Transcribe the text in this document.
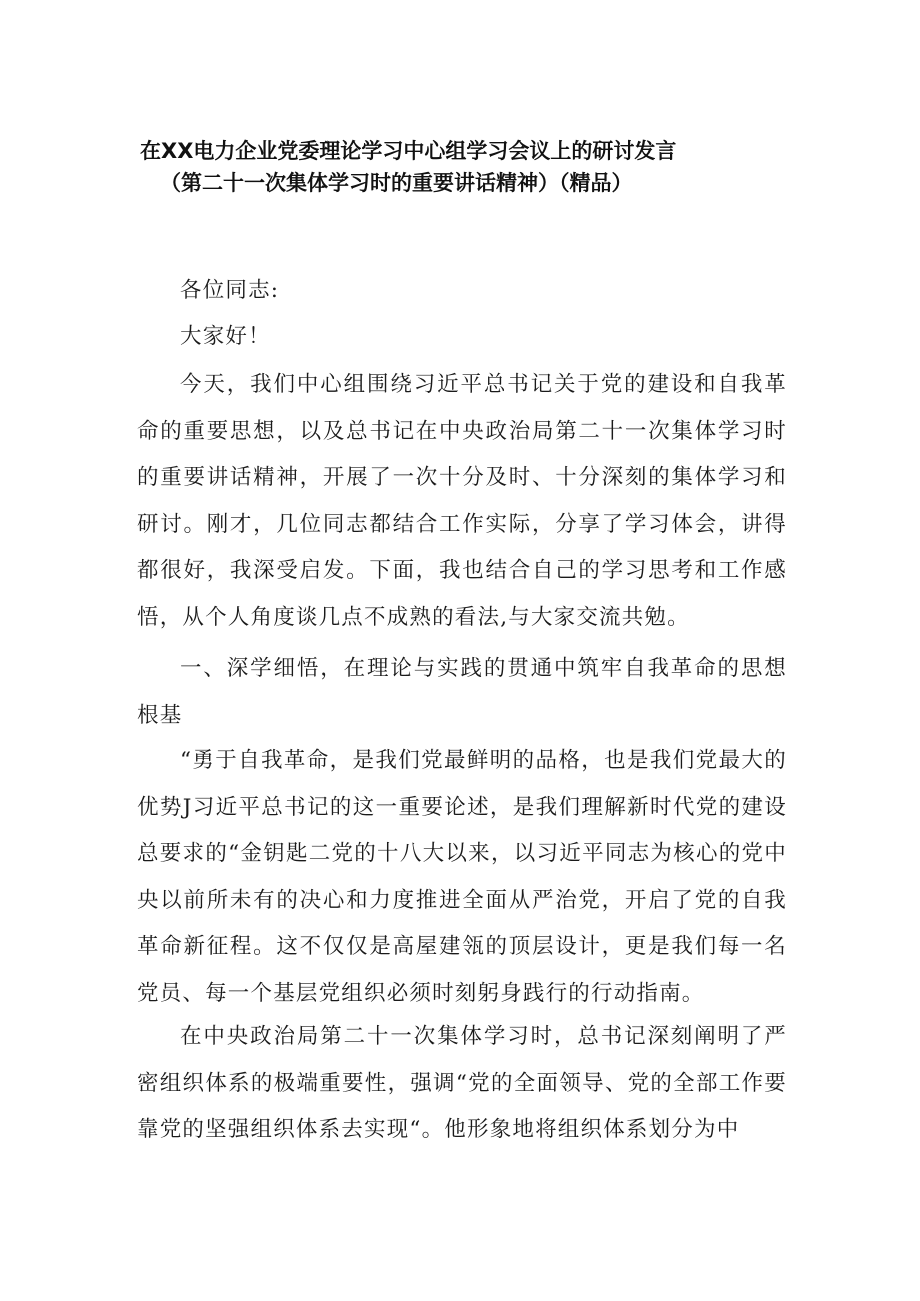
在XX电力企业党委理论学习中心组学习会议上的研讨发言
（第二十一次集体学习时的重要讲话精神）（精品）
各位同志:
大家好！

今天，我们中心组围绕习近平总书记关于党的建设和自我革命的重要思想，以及总书记在中央政治局第二十一次集体学习时的重要讲话精神，开展了一次十分及时、十分深刻的集体学习和研讨。刚才，几位同志都结合工作实际，分享了学习体会，讲得都很好，我深受启发。下面，我也结合自己的学习思考和工作感悟，从个人角度谈几点不成熟的看法,与大家交流共勉。

一、深学细悟，在理论与实践的贯通中筑牢自我革命的思想根基

“勇于自我革命，是我们党最鲜明的品格，也是我们党最大的优势J习近平总书记的这一重要论述，是我们理解新时代党的建设总要求的“金钥匙二党的十八大以来，以习近平同志为核心的党中央以前所未有的决心和力度推进全面从严治党，开启了党的自我革命新征程。这不仅仅是高屋建瓴的顶层设计，更是我们每一名党员、每一个基层党组织必须时刻躬身践行的行动指南。

在中央政治局第二十一次集体学习时，总书记深刻阐明了严密组织体系的极端重要性，强调“党的全面领导、党的全部工作要靠党的坚强组织体系去实现“。他形象地将组织体系划分为中
